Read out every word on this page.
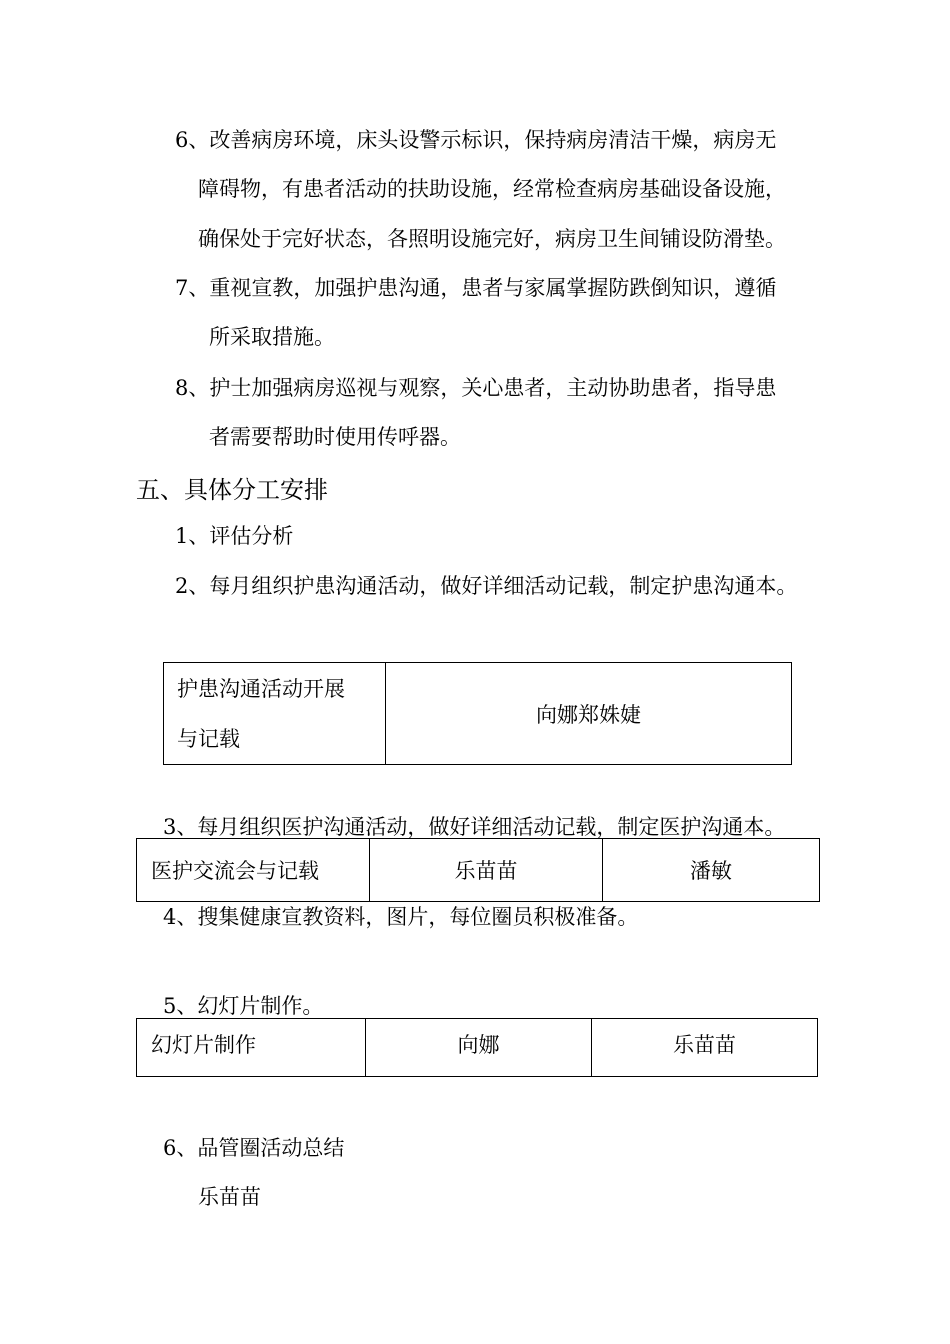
6、改善病房环境，床头设警示标识，保持病房清洁干燥，病房无
障碍物，有患者活动的扶助设施，经常检查病房基础设备设施，
确保处于完好状态，各照明设施完好，病房卫生间铺设防滑垫。
7、重视宣教，加强护患沟通，患者与家属掌握防跌倒知识，遵循
所采取措施。
8、护士加强病房巡视与观察，关心患者，主动协助患者，指导患
者需要帮助时使用传呼器。
五、具体分工安排
1、评估分析
2、每月组织护患沟通活动，做好详细活动记载，制定护患沟通本。
护患沟通活动开展
与记载
	向娜郑姝婕
3、每月组织医护沟通活动，做好详细活动记载，制定医护沟通本。
医护交流会与记载	乐苗苗	潘敏
4、搜集健康宣教资料，图片，每位圈员积极准备。
5、幻灯片制作。
幻灯片制作	向娜	乐苗苗
6、品管圈活动总结
乐苗苗
